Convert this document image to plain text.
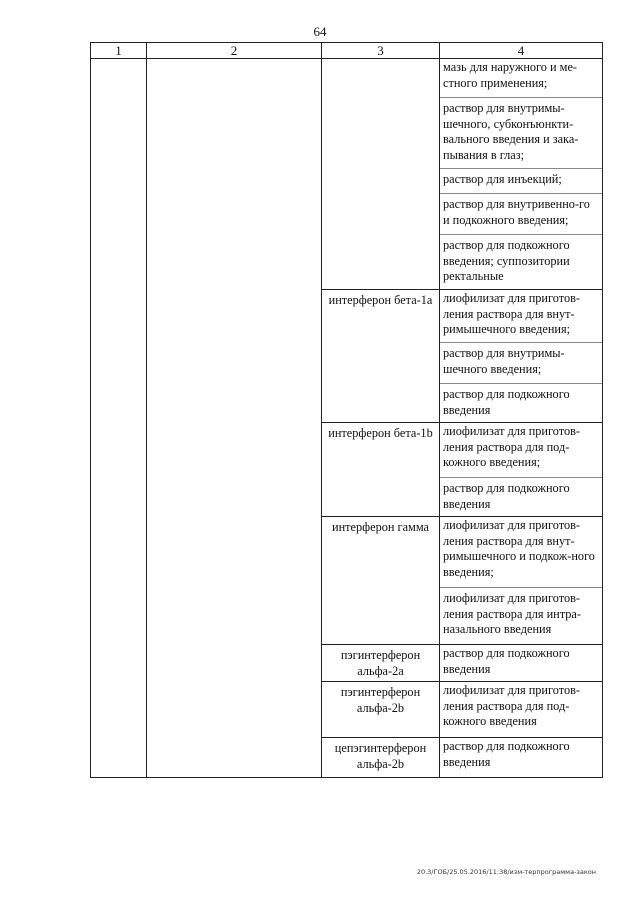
64
1	2	3	4

			мазь для наружного и ме-стного применения;
раствор для внутримы-шечного, субконъюнкти-вального введения и зака-пывания в глаз;
раствор для инъекций;
раствор для внутривенно-го и подкожного введения;
раствор для подкожного введения; суппозитории ректальные

		интерферон бета-1а	лиофилизат для приготов-ления раствора для внут-римышечного введения;
раствор для внутримы-шечного введения;
раствор для подкожного введения

		интерферон бета-1b	лиофилизат для приготов-ления раствора для под-кожного введения;
раствор для подкожного введения

		интерферон гамма	лиофилизат для приготов-ления раствора для внут-римышечного и подкож-ного введения;
лиофилизат для приготов-ления раствора для интра-назального введения

		пэгинтерферон альфа-2а	раствор для подкожного введения

		пэгинтерферон альфа-2b	лиофилизат для приготов-ления раствора для под-кожного введения

		цепэгинтерферон альфа-2b	раствор для подкожного введения
20.3/ГОБ/25.05.2016/11:38/изм-терпрограмма-закон
